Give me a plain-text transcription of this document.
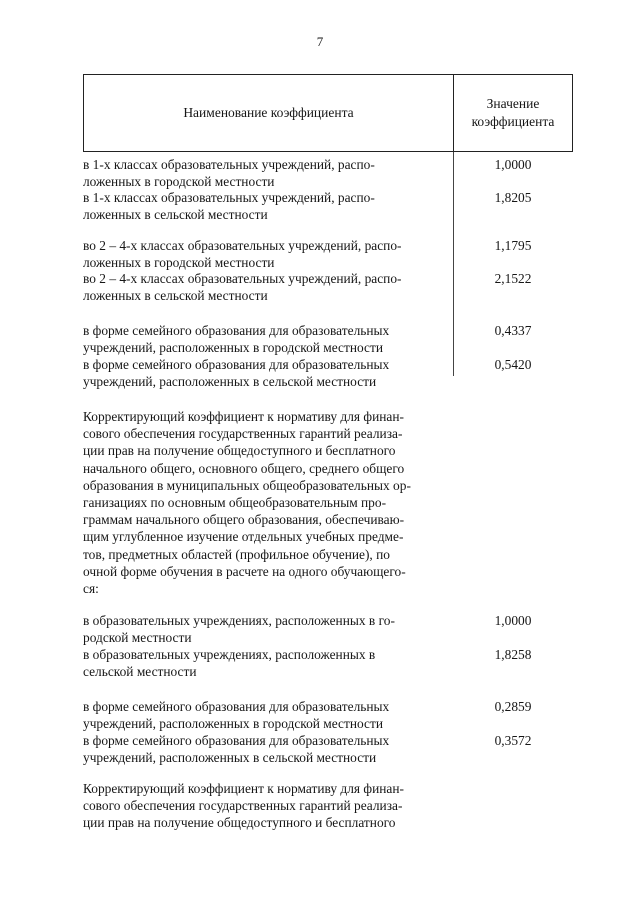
7
Наименование коэффициента
Значение
коэффициента
в 1-х классах образовательных учреждений, распо-
ложенных в городской местности
1,0000
в 1-х классах образовательных учреждений, распо-
ложенных в сельской местности
1,8205
во 2 – 4-х классах образовательных учреждений, распо-
ложенных в городской местности
1,1795
во 2 – 4-х классах образовательных учреждений, распо-
ложенных в сельской местности
2,1522
в форме семейного образования для образовательных
учреждений, расположенных в городской местности
0,4337
в форме семейного образования для образовательных
учреждений, расположенных в сельской местности
0,5420
Корректирующий коэффициент к нормативу для финан-
сового обеспечения государственных гарантий реализа-
ции прав на получение общедоступного и бесплатного
начального общего, основного общего, среднего общего
образования в муниципальных общеобразовательных ор-
ганизациях по основным общеобразовательным про-
граммам начального общего образования, обеспечиваю-
щим углубленное изучение отдельных учебных предме-
тов, предметных областей (профильное обучение), по
очной форме обучения в расчете на одного обучающего-
ся:
в образовательных учреждениях, расположенных в го-
родской местности
1,0000
в образовательных учреждениях, расположенных в
сельской местности
1,8258
в форме семейного образования для образовательных
учреждений, расположенных в городской местности
0,2859
в форме семейного образования для образовательных
учреждений, расположенных в сельской местности
0,3572
Корректирующий коэффициент к нормативу для финан-
сового обеспечения государственных гарантий реализа-
ции прав на получение общедоступного и бесплатного
